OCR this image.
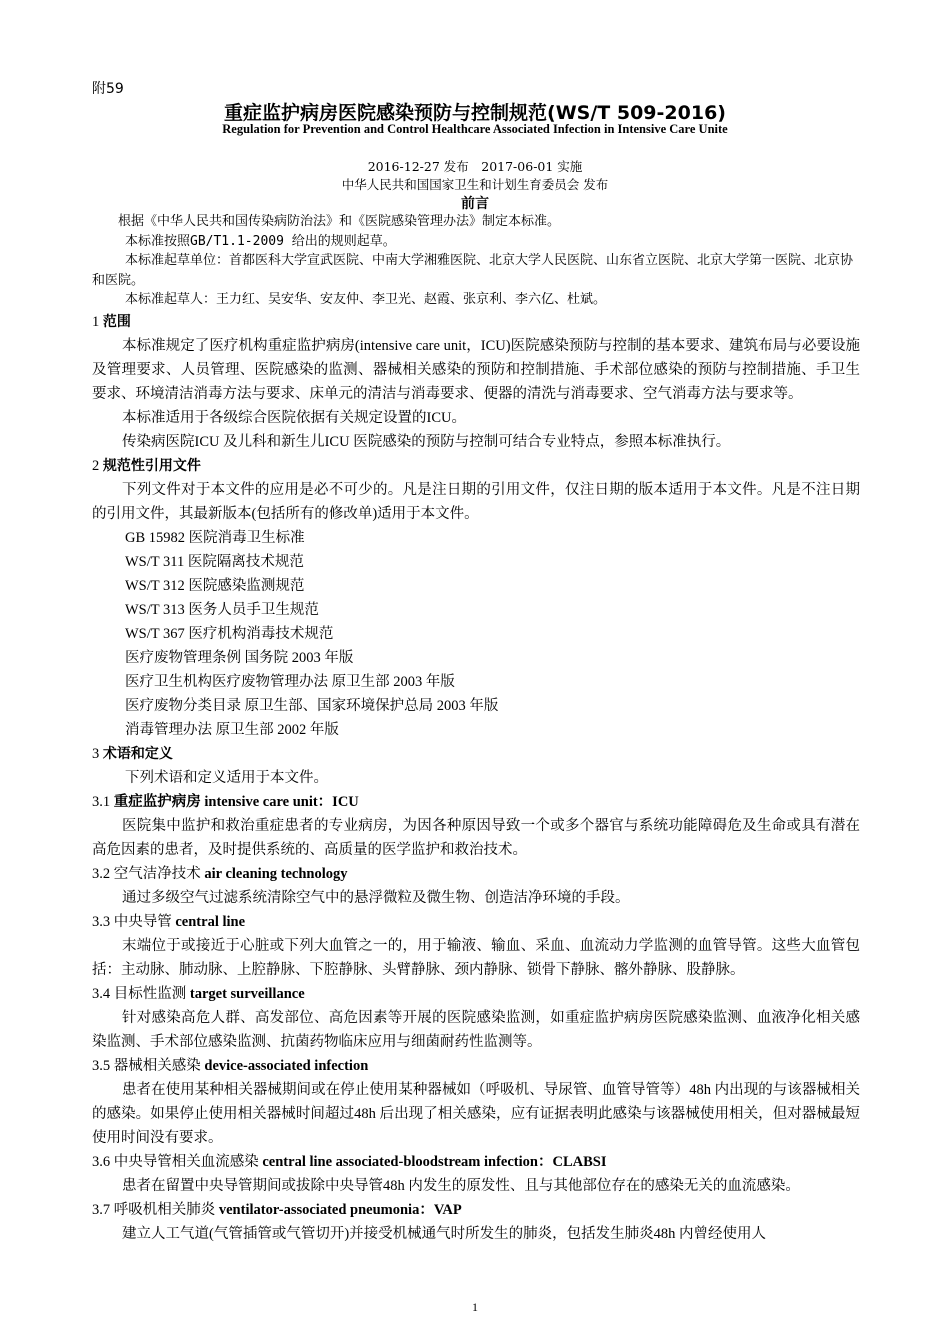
附59
重症监护病房医院感染预防与控制规范(WS/T 509-2016)
Regulation for Prevention and Control Healthcare Associated Infection in Intensive Care Unite
2016-12-27 发布　2017-06-01 实施
中华人民共和国国家卫生和计划生育委员会 发布
前言

根据《中华人民共和国传染病防治法》和《医院感染管理办法》制定本标准。

本标准按照GB/T1.1-2009 给出的规则起草。

本标准起草单位：首都医科大学宣武医院、中南大学湘雅医院、北京大学人民医院、山东省立医院、北京大学第一医院、北京协和医院。

本标准起草人：王力红、吴安华、安友仲、李卫光、赵霞、张京利、李六亿、杜斌。

1 范围

本标准规定了医疗机构重症监护病房(intensive care unit，ICU)医院感染预防与控制的基本要求、建筑布局与必要设施及管理要求、人员管理、医院感染的监测、器械相关感染的预防和控制措施、手术部位感染的预防与控制措施、手卫生要求、环境清洁消毒方法与要求、床单元的清洁与消毒要求、便器的清洗与消毒要求、空气消毒方法与要求等。

本标准适用于各级综合医院依据有关规定设置的ICU。

传染病医院ICU 及儿科和新生儿ICU 医院感染的预防与控制可结合专业特点，参照本标准执行。

2 规范性引用文件

下列文件对于本文件的应用是必不可少的。凡是注日期的引用文件，仅注日期的版本适用于本文件。凡是不注日期的引用文件，其最新版本(包括所有的修改单)适用于本文件。

GB 15982 医院消毒卫生标准

WS/T 311 医院隔离技术规范

WS/T 312 医院感染监测规范

WS/T 313 医务人员手卫生规范

WS/T 367 医疗机构消毒技术规范

医疗废物管理条例 国务院 2003 年版

医疗卫生机构医疗废物管理办法 原卫生部 2003 年版

医疗废物分类目录 原卫生部、国家环境保护总局 2003 年版

消毒管理办法 原卫生部 2002 年版

3 术语和定义

下列术语和定义适用于本文件。

3.1 重症监护病房 intensive care unit：ICU

医院集中监护和救治重症患者的专业病房，为因各种原因导致一个或多个器官与系统功能障碍危及生命或具有潜在高危因素的患者，及时提供系统的、高质量的医学监护和救治技术。

3.2 空气洁净技术 air cleaning technology

通过多级空气过滤系统清除空气中的悬浮微粒及微生物、创造洁净环境的手段。

3.3 中央导管 central line

末端位于或接近于心脏或下列大血管之一的，用于输液、输血、采血、血流动力学监测的血管导管。这些大血管包括：主动脉、肺动脉、上腔静脉、下腔静脉、头臂静脉、颈内静脉、锁骨下静脉、髂外静脉、股静脉。

3.4 目标性监测 target surveillance

针对感染高危人群、高发部位、高危因素等开展的医院感染监测，如重症监护病房医院感染监测、血液净化相关感染监测、手术部位感染监测、抗菌药物临床应用与细菌耐药性监测等。

3.5 器械相关感染 device-associated infection

患者在使用某种相关器械期间或在停止使用某种器械如（呼吸机、导尿管、血管导管等）48h 内出现的与该器械相关的感染。如果停止使用相关器械时间超过48h 后出现了相关感染，应有证据表明此感染与该器械使用相关，但对器械最短使用时间没有要求。

3.6 中央导管相关血流感染 central line associated-bloodstream infection：CLABSI

患者在留置中央导管期间或拔除中央导管48h 内发生的原发性、且与其他部位存在的感染无关的血流感染。

3.7 呼吸机相关肺炎 ventilator-associated pneumonia：VAP

建立人工气道(气管插管或气管切开)并接受机械通气时所发生的肺炎，包括发生肺炎48h 内曾经使用人

1
